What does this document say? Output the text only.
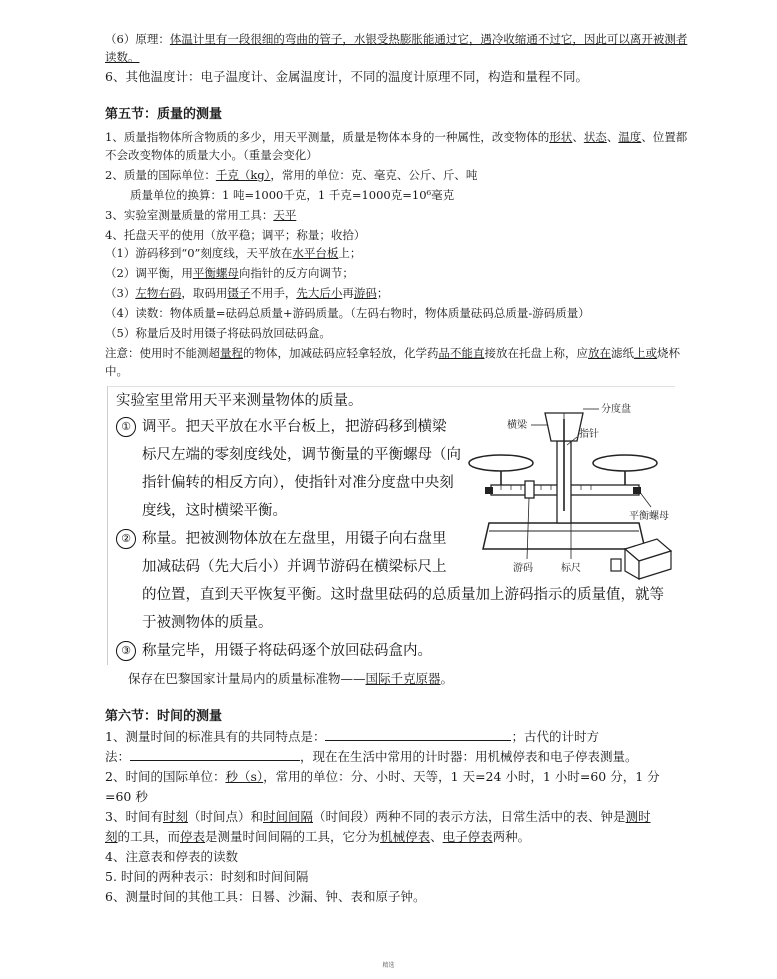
（6）原理：体温计里有一段很细的弯曲的管子，水银受热膨胀能通过它，遇冷收缩通不过它，因此可以离开被测者
读数。
6、其他温度计：电子温度计、金属温度计，不同的温度计原理不同，构造和量程不同。
第五节：质量的测量
1、质量指物体所含物质的多少，用天平测量，质量是物体本身的一种属性，改变物体的形状、状态、温度、位置都
不会改变物体的质量大小。（重量会变化）
2、质量的国际单位：千克（kg），常用的单位：克、毫克、公斤、斤、吨
质量单位的换算：1 吨=1000千克，1 千克=1000克=10⁶毫克
3、实验室测量质量的常用工具：天平
4、托盘天平的使用（放平稳；调平；称量；收拾）
（1）游码移到“0”刻度线，天平放在水平台板上；
（2）调平衡，用平衡螺母向指针的反方向调节；
（3）左物右码，取码用镊子不用手，先大后小再游码；
（4）读数：物体质量=砝码总质量+游码质量。（左码右物时，物体质量砝码总质量-游码质量）
（5）称量后及时用镊子将砝码放回砝码盒。
注意：使用时不能测超量程的物体，加减砝码应轻拿轻放，化学药品不能直接放在托盘上称，应放在滤纸上或烧杯
中。
实验室里常用天平来测量物体的质量。
① 调平。把天平放在水平台板上，把游码移到横梁
标尺左端的零刻度线处，调节衡量的平衡螺母（向
指针偏转的相反方向），使指针对准分度盘中央刻
度线，这时横梁平衡。
② 称量。把被测物体放在左盘里，用镊子向右盘里
加减砝码（先大后小）并调节游码在横梁标尺上
的位置，直到天平恢复平衡。这时盘里砝码的总质量加上游码指示的质量值，就等
于被测物体的质量。
③ 称量完毕，用镊子将砝码逐个放回砝码盒内。
分度盘
横梁
指针
平衡螺母
游码	标尺
保存在巴黎国家计量局内的质量标准物——国际千克原器。
第六节：时间的测量
1、测量时间的标准具有的共同特点是：	；古代的计时方
法：	，现在在生活中常用的计时器：用机械停表和电子停表测量。
2、时间的国际单位：秒（s），常用的单位：分、小时、天等，1 天=24 小时，1 小时=60 分，1 分
=60 秒
3、时间有时刻（时间点）和时间间隔（时间段）两种不同的表示方法，日常生活中的表、钟是测时
刻的工具，而停表是测量时间间隔的工具，它分为机械停表、电子停表两种。
4、注意表和停表的读数
5. 时间的两种表示：时刻和时间间隔
6、测量时间的其他工具：日晷、沙漏、钟、表和原子钟。
精选
